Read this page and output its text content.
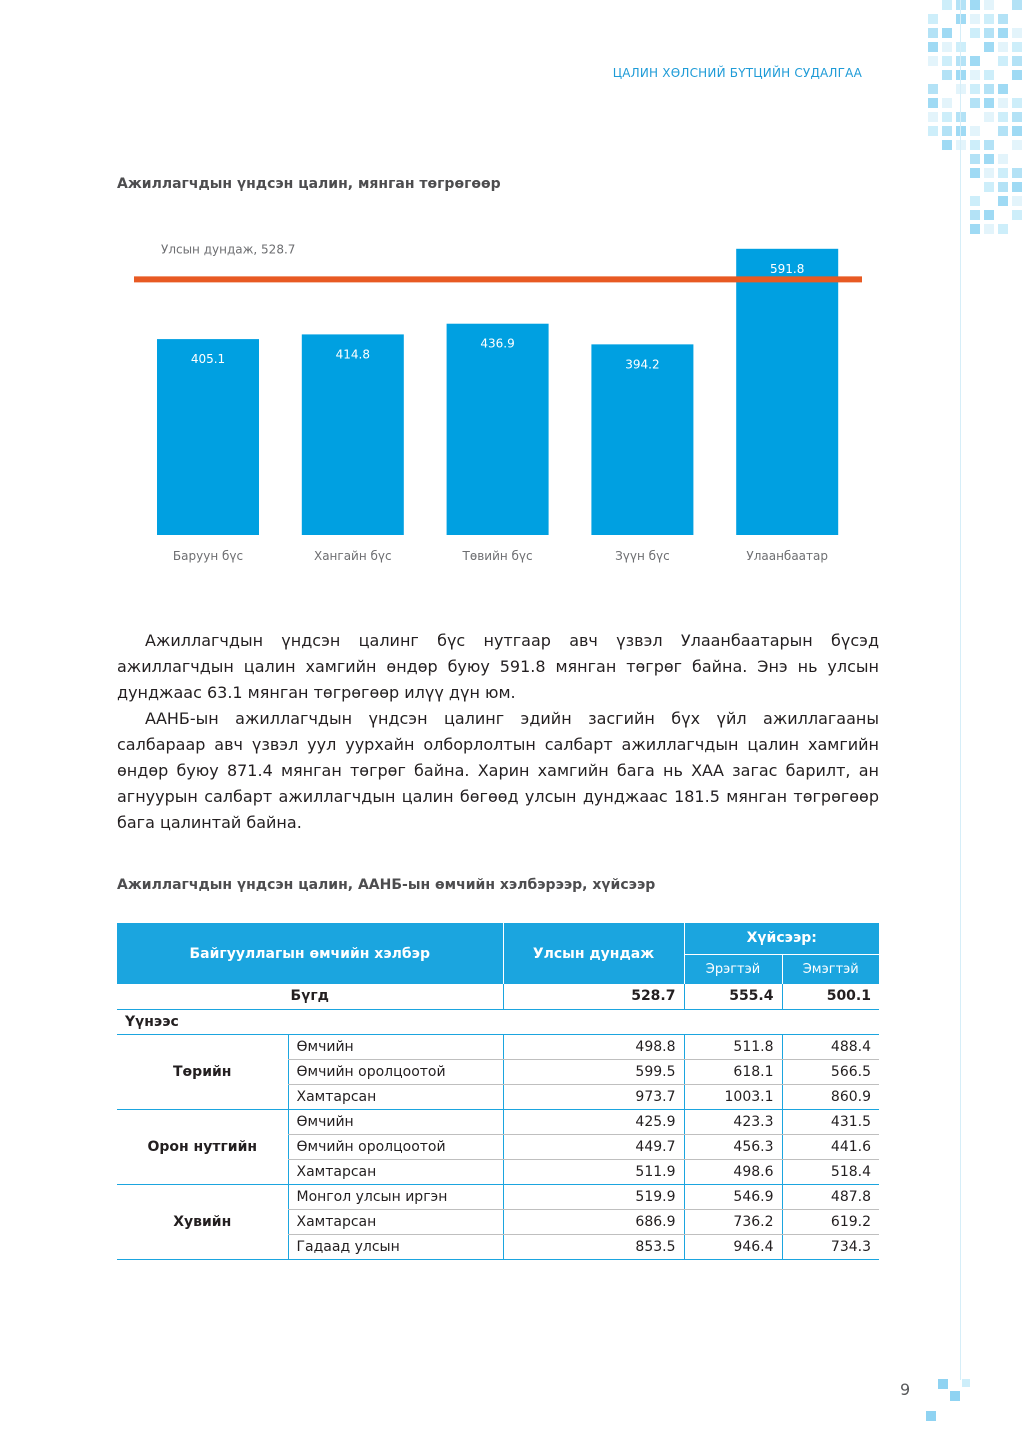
ЦАЛИН ХӨЛСНИЙ БҮТЦИЙН СУДАЛГАА
Ажиллагчдын үндсэн цалин, мянган төгрөгөөр
405.1	414.8
436.9
394.2
591.8
Баруун бүс	Хангайн бүс	Төвийн бүс	Зүүн бүс	Улаанбаатар
Улсын дундаж, 528.7

Ажиллагчдын үндсэн цалинг бүс нутгаар авч үзвэл Улаанбаатарын бүсэд ажиллагчдын цалин хамгийн өндөр буюу 591.8 мянган төгрөг байна. Энэ нь улсын дунджаас 63.1 мянган төгрөгөөр илүү дүн юм.

ААНБ-ын ажиллагчдын үндсэн цалинг эдийн засгийн бүх үйл ажиллагааны салбараар авч үзвэл уул уурхайн олборлолтын салбарт ажиллагчдын цалин хамгийн өндөр буюу 871.4 мянган төгрөг байна. Харин хамгийн бага нь ХАА загас барилт, ан агнуурын салбарт ажиллагчдын цалин бөгөөд улсын дунджаас 181.5 мянган төгрөгөөр бага цалинтай байна.

Ажиллагчдын үндсэн цалин, ААНБ-ын өмчийн хэлбэрээр, хүйсээр
Байгууллагын өмчийн хэлбэр		Улсын дундаж	Хүйсээр:	
			Эрэгтэй	Эмэгтэй
Бүгд		528.7	555.4	500.1
Үүнээс				
Төрийн	Өмчийн	498.8	511.8	488.4
	Өмчийн оролцоотой	599.5	618.1	566.5
	Хамтарсан	973.7	1003.1	860.9
Орон нутгийн	Өмчийн	425.9	423.3	431.5
	Өмчийн оролцоотой	449.7	456.3	441.6
	Хамтарсан	511.9	498.6	518.4
Хувийн	Монгол улсын иргэн	519.9	546.9	487.8
	Хамтарсан	686.9	736.2	619.2
	Гадаад улсын	853.5	946.4	734.3
9
